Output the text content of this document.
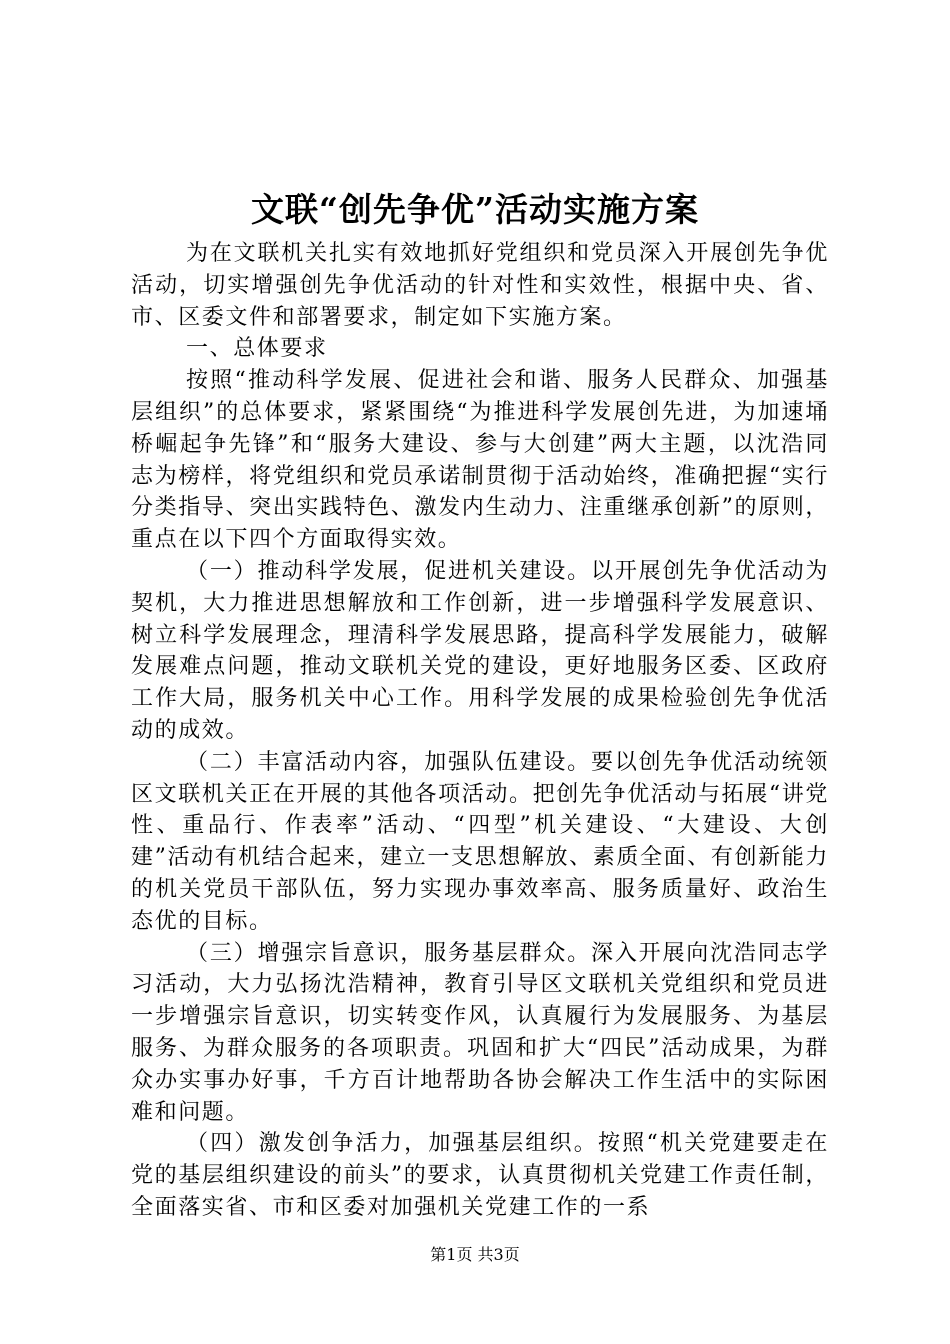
文联“创先争优”活动实施方案

为在文联机关扎实有效地抓好党组织和党员深入开展创先争优活动，切实增强创先争优活动的针对性和实效性，根据中央、省、市、区委文件和部署要求，制定如下实施方案。

一、总体要求

按照“推动科学发展、促进社会和谐、服务人民群众、加强基层组织”的总体要求，紧紧围绕“为推进科学发展创先进，为加速埇桥崛起争先锋”和“服务大建设、参与大创建”两大主题，以沈浩同志为榜样，将党组织和党员承诺制贯彻于活动始终，准确把握“实行分类指导、突出实践特色、激发内生动力、注重继承创新”的原则，重点在以下四个方面取得实效。

（一）推动科学发展，促进机关建设。以开展创先争优活动为契机，大力推进思想解放和工作创新，进一步增强科学发展意识、树立科学发展理念，理清科学发展思路，提高科学发展能力，破解发展难点问题，推动文联机关党的建设，更好地服务区委、区政府工作大局，服务机关中心工作。用科学发展的成果检验创先争优活动的成效。

（二）丰富活动内容，加强队伍建设。要以创先争优活动统领区文联机关正在开展的其他各项活动。把创先争优活动与拓展“讲党性、重品行、作表率”活动、“四型”机关建设、“大建设、大创建”活动有机结合起来，建立一支思想解放、素质全面、有创新能力的机关党员干部队伍，努力实现办事效率高、服务质量好、政治生态优的目标。

（三）增强宗旨意识，服务基层群众。深入开展向沈浩同志学习活动，大力弘扬沈浩精神，教育引导区文联机关党组织和党员进一步增强宗旨意识，切实转变作风，认真履行为发展服务、为基层服务、为群众服务的各项职责。巩固和扩大“四民”活动成果，为群众办实事办好事，千方百计地帮助各协会解决工作生活中的实际困难和问题。

（四）激发创争活力，加强基层组织。按照“机关党建要走在党的基层组织建设的前头”的要求，认真贯彻机关党建工作责任制，全面落实省、市和区委对加强机关党建工作的一系

第1页 共3页
